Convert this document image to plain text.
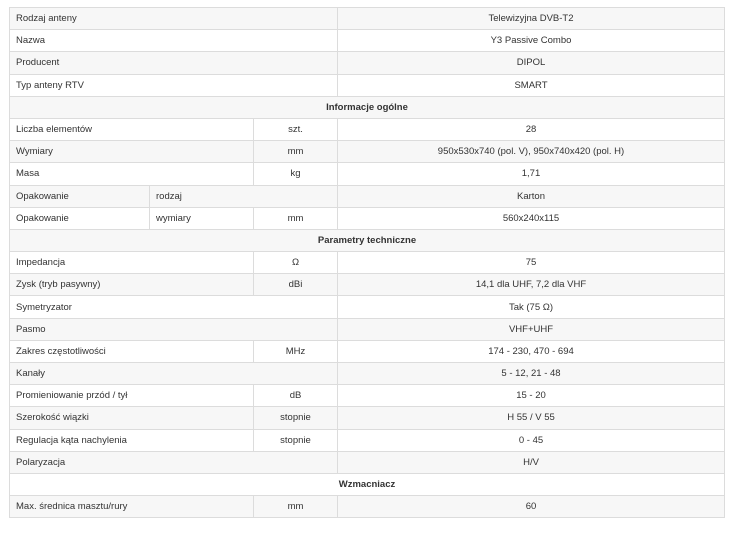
Rodzaj anteny			Telewizyjna DVB-T2
Nazwa			Y3 Passive Combo
Producent			DIPOL
Typ anteny RTV			SMART
Informacje ogólne			
Liczba elementów		szt.	28
Wymiary		mm	950x530x740 (pol. V), 950x740x420 (pol. H)
Masa		kg	1,71
Opakowanie	rodzaj		Karton
Opakowanie	wymiary	mm	560x240x115
Parametry techniczne			
Impedancja		Ω	75
Zysk (tryb pasywny)		dBi	14,1 dla UHF, 7,2 dla VHF
Symetryzator			Tak (75 Ω)
Pasmo			VHF+UHF
Zakres częstotliwości		MHz	174 - 230, 470 - 694
Kanały			5 - 12, 21 - 48
Promieniowanie przód / tył		dB	15 - 20
Szerokość wiązki		stopnie	H 55 / V 55
Regulacja kąta nachylenia		stopnie	0 - 45
Polaryzacja			H/V
Wzmacniacz			
Max. średnica masztu/rury		mm	60
